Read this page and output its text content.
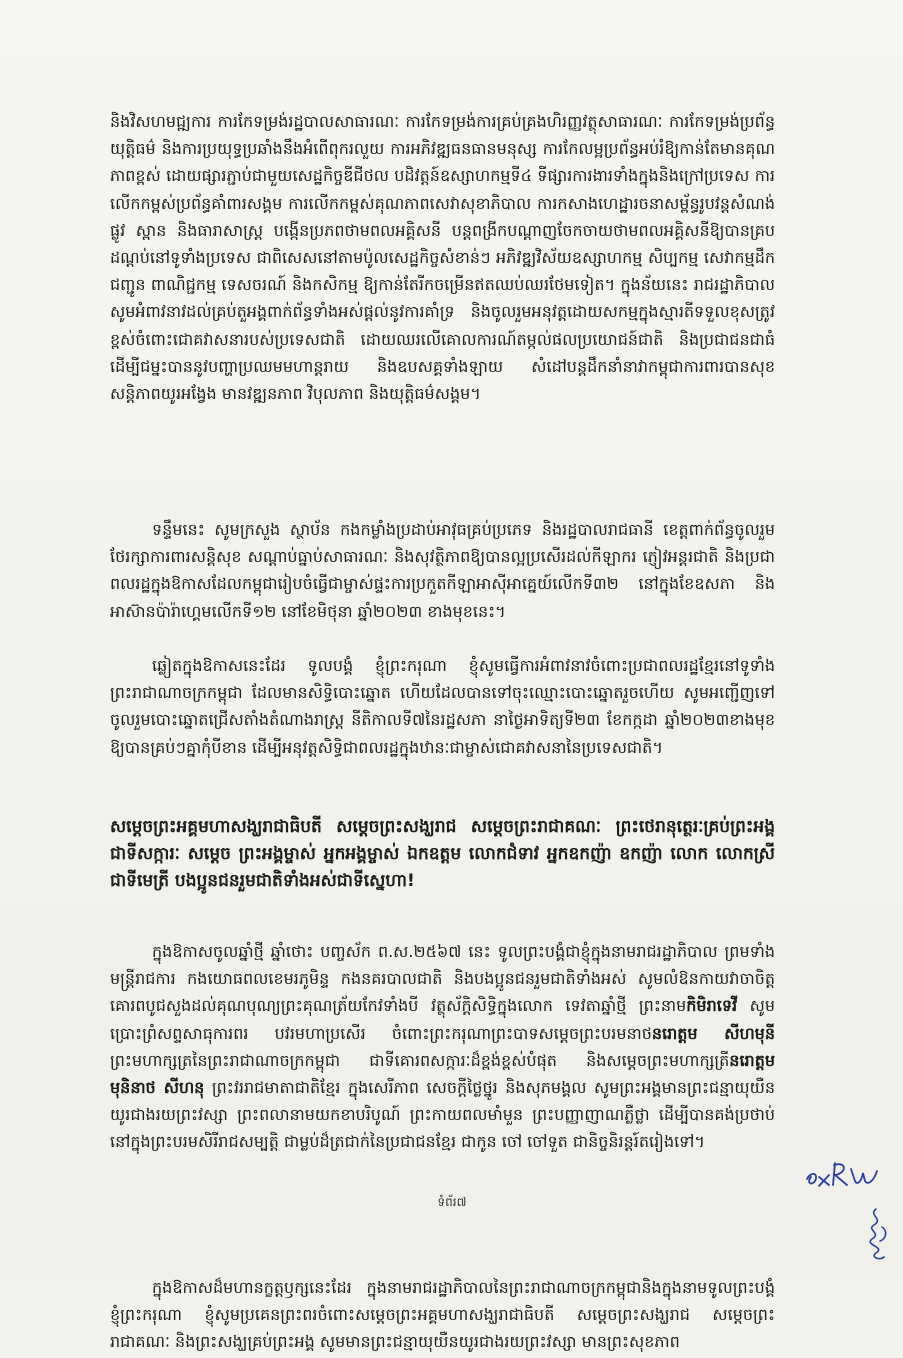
និងវិសហមជ្ឍការ ការកែទម្រង់រដ្ឋបាលសាធារណៈ ការកែទម្រង់ការគ្រប់គ្រងហិរញ្ញវត្ថុសាធារណៈ ការកែទម្រង់ប្រព័ន្ធយុត្តិធម៌ និងការប្រយុទ្ធប្រឆាំងនឹងអំពើពុករលួយ ការអភិវឌ្ឍធនធានមនុស្ស ការកែលម្អប្រព័ន្ធអប់រំឱ្យកាន់តែមានគុណភាពខ្ពស់ ដោយផ្សារភ្ជាប់ជាមួយសេដ្ឋកិច្ចឌីជីថល បដិវត្តន៍ឧស្សាហកម្មទី៤ ទីផ្សារការងារទាំងក្នុងនិងក្រៅប្រទេស ការលើកកម្ពស់ប្រព័ន្ធគាំពារសង្គម ការលើកកម្ពស់គុណភាពសេវាសុខាភិបាល ការកសាងហេដ្ឋារចនាសម្ព័ន្ធរូបវន្តសំណង់ ផ្លូវ ស្ពាន និងធារាសាស្ត្រ បង្កើនប្រភពថាមពលអគ្គិសនី បន្តពង្រីកបណ្ដាញចែកចាយថាមពលអគ្គិសនីឱ្យបានគ្របដណ្ដប់នៅទូទាំងប្រទេស ជាពិសេសនៅតាមប៉ូលសេដ្ឋកិច្ចសំខាន់ៗ អភិវឌ្ឍវិស័យឧស្សាហកម្ម សិប្បកម្ម សេវាកម្មដឹកជញ្ជូន ពាណិជ្ជកម្ម ទេសចរណ៍ និងកសិកម្ម ឱ្យកាន់តែរីកចម្រើនឥតឈប់ឈរថែមទៀត។ ក្នុងន័យនេះ រាជរដ្ឋាភិបាលសូមអំពាវនាវដល់គ្រប់តួអង្គពាក់ព័ន្ធទាំងអស់ផ្ដល់នូវការគាំទ្រ និងចូលរួមអនុវត្តដោយសកម្មក្នុងស្មារតីទទួលខុសត្រូវខ្ពស់ចំពោះជោគវាសនារបស់ប្រទេសជាតិ ដោយឈរលើគោលការណ៍តម្កល់ផលប្រយោជន៍ជាតិ និងប្រជាជនជាធំ ដើម្បីជម្នះបាននូវបញ្ហាប្រឈមមហាន្តរាយ និងឧបសគ្គទាំងឡាយ សំដៅបន្តដឹកនាំនាវាកម្ពុជាការពារបានសុខសន្តិភាពយូរអង្វែង មានវឌ្ឍនភាព វិបុលភាព និងយុត្តិធម៌សង្គម។
ទន្ទឹមនេះ សូមក្រសួង ស្ថាប័ន កងកម្លាំងប្រដាប់អាវុធគ្រប់ប្រភេទ និងរដ្ឋបាលរាជធានី ខេត្តពាក់ព័ន្ធចូលរួមថែរក្សាការពារសន្តិសុខ សណ្ដាប់ធ្នាប់សាធារណៈ និងសុវត្ថិភាពឱ្យបានល្អប្រសើរដល់កីឡាករ ភ្ញៀវអន្តរជាតិ និងប្រជាពលរដ្ឋក្នុងឱកាសដែលកម្ពុជារៀបចំធ្វើជាម្ចាស់ផ្ទះការប្រកួតកីឡាអាស៊ីអាគ្នេយ៍លើកទី៣២ នៅក្នុងខែឧសភា និងអាស៊ានប៉ារ៉ាហ្គេមលើកទី១២ នៅខែមិថុនា ឆ្នាំ២០២៣ ខាងមុខនេះ។
ឆ្លៀតក្នុងឱកាសនេះដែរ ទូលបង្គំ ខ្ញុំព្រះករុណា ខ្ញុំសូមធ្វើការអំពាវនាវចំពោះប្រជាពលរដ្ឋខ្មែរនៅទូទាំងព្រះរាជាណាចក្រកម្ពុជា ដែលមានសិទ្ធិបោះឆ្នោត ហើយដែលបានទៅចុះឈ្មោះបោះឆ្នោតរួចហើយ សូមអញ្ជើញទៅចូលរួមបោះឆ្នោតជ្រើសតាំងតំណាងរាស្ត្រ នីតិកាលទី៧នៃរដ្ឋសភា នាថ្ងៃអាទិត្យទី២៣ ខែកក្កដា ឆ្នាំ២០២៣ខាងមុខ ឱ្យបានគ្រប់ៗគ្នាកុំបីខាន ដើម្បីអនុវត្តសិទ្ធិជាពលរដ្ឋក្នុងឋានៈជាម្ចាស់ជោគវាសនានៃប្រទេសជាតិ។
សម្ដេចព្រះអគ្គមហាសង្ឃរាជាធិបតី សម្ដេចព្រះសង្ឃរាជ សម្ដេចព្រះរាជាគណៈ ព្រះថេរានុត្ថេរៈគ្រប់ព្រះអង្គ ជាទីសក្ការៈ សម្ដេច ព្រះអង្គម្ចាស់ អ្នកអង្គម្ចាស់ ឯកឧត្តម លោកជំទាវ អ្នកឧកញ៉ា ឧកញ៉ា លោក លោកស្រី ជាទីមេត្រី បងប្អូនជនរួមជាតិទាំងអស់ជាទីស្នេហា!
ក្នុងឱកាសចូលឆ្នាំថ្មី ឆ្នាំថោះ បញ្ចស័ក ព.ស.២៥៦៧ នេះ ទូលព្រះបង្គំជាខ្ញុំក្នុងនាមរាជរដ្ឋាភិបាល ព្រមទាំងមន្ត្រីរាជការ កងយោធពលខេមរភូមិន្ទ កងនគរបាលជាតិ និងបងប្អូនជនរួមជាតិទាំងអស់ សូមលំឱនកាយវាចាចិត្ត គោរពបូជសួងដល់គុណបុណ្យព្រះគុណត្រ័យកែវទាំងបី វត្ថុស័ក្តិសិទ្ធិក្នុងលោក ទេវតាឆ្នាំថ្មី ព្រះនាមកិមិរាទេវី សូមប្រោះព្រំសព្ទសាធុការពរ បវរមហាប្រសើរ ចំពោះព្រះករុណាព្រះបាទសម្ដេចព្រះបរមនាថនរោត្តម សីហមុនី ព្រះមហាក្សត្រនៃព្រះរាជាណាចក្រកម្ពុជា ជាទីគោរពសក្ការៈដ៏ខ្ពង់ខ្ពស់បំផុត និងសម្ដេចព្រះមហាក្សត្រីនរោត្តម មុនិនាថ សីហនុ ព្រះវររាជមាតាជាតិខ្មែរ ក្នុងសេរីភាព សេចក្ដីថ្លៃថ្នូរ និងសុភមង្គល សូមព្រះអង្គមានព្រះជន្មាយុយឺនយូរជាងរយព្រះវស្សា ព្រះពលានាមយកខាបរិបូណ៍ ព្រះកាយពលមាំមួន ព្រះបញ្ញាញាណភ្លឺថ្លា ដើម្បីបានគង់ប្រថាប់នៅក្នុងព្រះបរមសិរីរាជសម្បត្តិ ជាម្លប់ដ៏ត្រជាក់នៃប្រជាជនខ្មែរ ជាកូន ចៅ ចៅទួត ជានិច្ចនិរន្តរ៍តរៀងទៅ។
ក្នុងឱកាសដ៏មហានក្ខត្តឫក្សនេះដែរ ក្នុងនាមរាជរដ្ឋាភិបាលនៃព្រះរាជាណាចក្រកម្ពុជានិងក្នុងនាមទូលព្រះបង្គំ ខ្ញុំព្រះករុណា ខ្ញុំសូមប្រគេនព្រះពរចំពោះសម្ដេចព្រះអគ្គមហាសង្ឃរាជាធិបតី សម្ដេចព្រះសង្ឃរាជ សម្ដេចព្រះរាជាគណៈ និងព្រះសង្ឃគ្រប់ព្រះអង្គ សូមមានព្រះជន្មាយុយឺនយូរជាងរយព្រះវស្សា មានព្រះសុខភាព
ទំព័រ៧
